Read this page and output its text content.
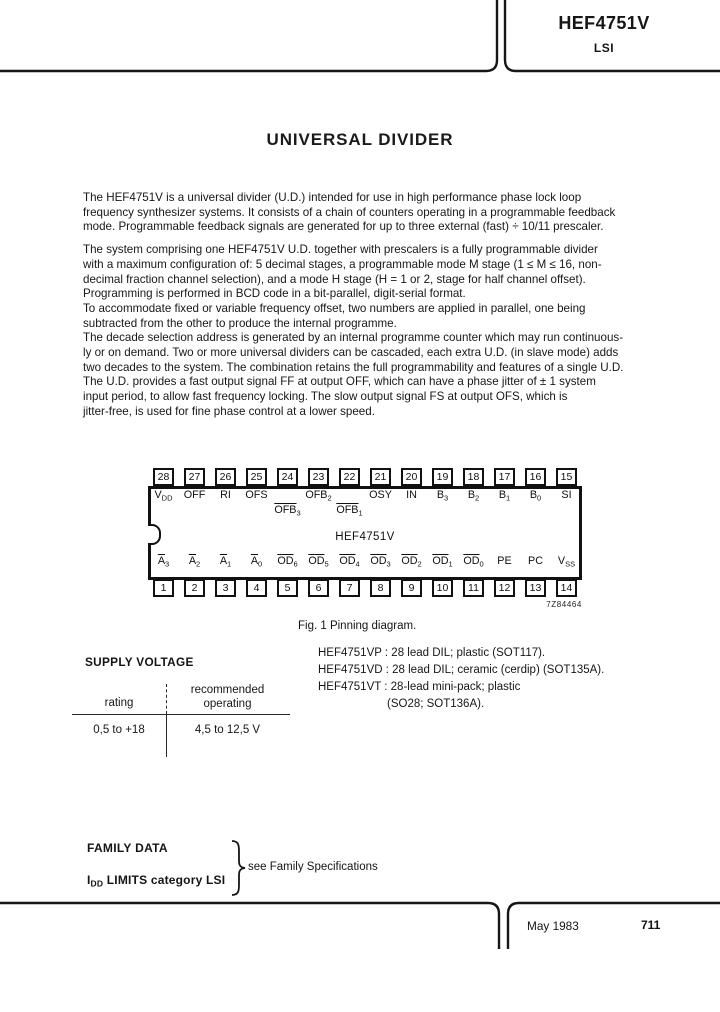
HEF4751V
LSI
UNIVERSAL DIVIDER
The HEF4751V is a universal divider (U.D.) intended for use in high performance phase lock loop
frequency synthesizer systems. It consists of a chain of counters operating in a programmable feedback
mode. Programmable feedback signals are generated for up to three external (fast) ÷ 10/11 prescaler.
The system comprising one HEF4751V U.D. together with prescalers is a fully programmable divider
with a maximum configuration of: 5 decimal stages, a programmable mode M stage (1 ≤ M ≤ 16, non-
decimal fraction channel selection), and a mode H stage (H = 1 or 2, stage for half channel offset).
Programming is performed in BCD code in a bit-parallel, digit-serial format.
To accommodate fixed or variable frequency offset, two numbers are applied in parallel, one being
subtracted from the other to produce the internal programme.
The decade selection address is generated by an internal programme counter which may run continuous-
ly or on demand. Two or more universal dividers can be cascaded, each extra U.D. (in slave mode) adds
two decades to the system. The combination retains the full programmability and features of a single U.D.
The U.D. provides a fast output signal FF at output OFF, which can have a phase jitter of ± 1 system
input period, to allow fast frequency locking. The slow output signal FS at output OFS, which is
jitter-free, is used for fine phase control at a lower speed.
28	27	26	25	24	23	22	21	20	19	18	17	16	15
HEF4751V
$V_{DD}$ OFF $\overline{RI}$ OFS
$\overline{OFB}_3$
$\overline{OFB}_2$
$\overline{OFB}_1$
$\overline{OSY}$ IN $\overline{B}_3$ $\overline{B}_2$ $\overline{B}_1$ $\overline{B}_0$ SI
$\overline{A}_3$ $\overline{A}_2$ $\overline{A}_1$ $\overline{A}_0$ $\overline{OD}_6$ $\overline{OD}_5$ $\overline{OD}_4$ $\overline{OD}_3$ $\overline{OD}_2$ $\overline{OD}_1$ $\overline{OD}_0$ PE PC $V_{SS}$
1	2	3	4	5	6	7	8	9	10	11	12	13	14
7Z84464
Fig. 1 Pinning diagram.
SUPPLY VOLTAGE
rating
recommended
operating
0,5 to +18	4,5 to 12,5 V
HEF4751VP : 28 lead DIL; plastic (SOT117).
HEF4751VD : 28 lead DIL; ceramic (cerdip) (SOT135A).
HEF4751VT : 28-lead mini-pack; plastic
(SO28; SOT136A).
FAMILY DATA
$I_{DD}$ LIMITS category LSI
see Family Specifications
May 1983	711
